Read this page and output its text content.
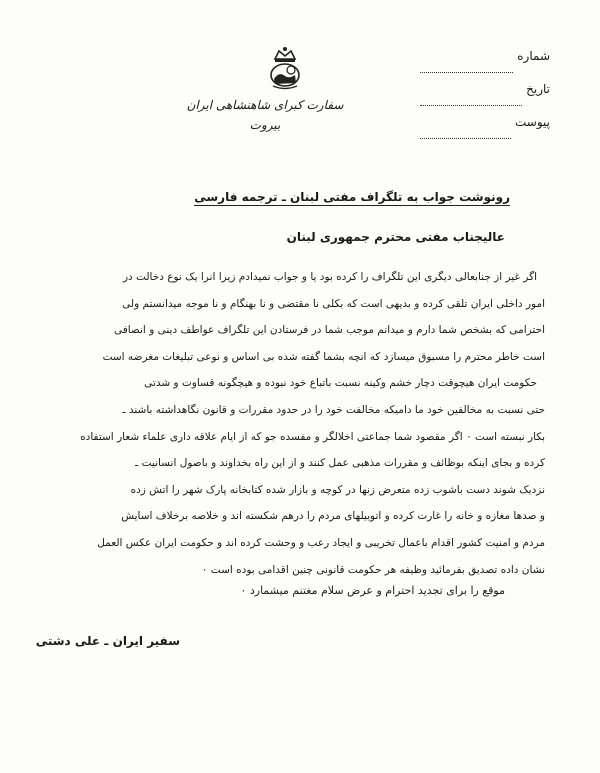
شماره
تاریخ
پیوست
سفارت کبرای شاهنشاهی ایران
بیروت
رونوشت جواب به تلگراف مفتی لبنان ـ ترجمه فارسی
عالیجناب مفتی محترم جمهوری لبنان
اگر غیر از جنابعالی دیگری این تلگراف را کرده بود یا و جواب نمیدادم زیرا انرا یک نوع دخالت در
امور داخلی ایران تلقی کرده و بدیهی است که بکلی نا مقتضی و نا بهنگام و نا موجه میدانستم ولی
احترامی که بشخص شما دارم و میدانم موجب شما در فرستادن این تلگراف عواطف دینی و انصافی
است خاطر محترم را مسبوق میسازد که انچه بشما گفته شده بی اساس و نوعی تبلیغات مغرضه است
حکومت ایران هیچوقت دچار خشم وکینه نسبت باتباع خود نبوده و هیچگونه قساوت و شدتی
حتی نسبت به مخالفین خود ما دامیکه مخالفت خود را در حدود مقررات و قانون نگاهداشته باشند ـ
بکار نبسته است ۰ اگر مقصود شما جماعتی اخلالگر و مفسده جو که از ایام علاقه داری علماء شعار استفاده
کرده و بجای اینکه بوظائف و مقررات مذهبی عمل کنند و از این راه بخداوند و باصول انسانیت ـ
نزدیک شوند دست باشوب زده متعرض زنها در کوچه و بازار شده کتابخانه پارک شهر را اتش زده
و صدها مغازه و خانه را غارت کرده و اتوبیلهای مردم را درهم شکسته اند و خلاصه برخلاف اسایش
مردم و امنیت کشور اقدام باعمال تخریبی و ایجاد رعب و وحشت کرده اند و حکومت ایران عکس العمل
نشان داده تصدیق بفرمائید وظیفه هر حکومت قانونی چنین اقدامی بوده است ۰
موقع را برای تجدید احترام و عرض سلام مغتنم میشمارد ۰
سفیر ایران ـ علی دشتی
